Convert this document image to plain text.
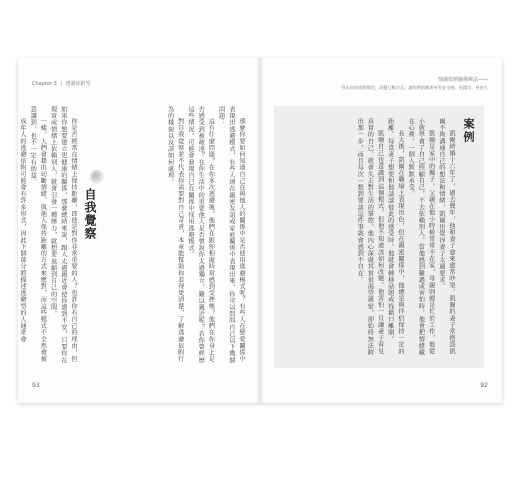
Chapter 3 | 逃避依附型

那麼你要如何知道自己在與他人的關係中是否使用逃避模式呢？有些人在戀愛關係中表現出逃避模式，有些人則在親密友誼或家庭關係中表現出來。你可以問問自己以下幾個問題：

這有什麼問題？在你多次逃避後，他們在跟你相處時常感到受挫嗎？他們在你身上是否感受到被疏遠？在你生活中的重要他人是否曾說你太過獨立、難以親近呢？若你曾經歷這些情況，可能會發現自己在關係中採用逃避模式。

對自我覺察並不代表你需要對自己苛責，本章能幫助你看得更清楚，了解逃避依附行為的樣貌以及該如何處理。

自我覺察

你是否經常在情緒上保持距離，即使是對你非常重要的人？也許你有自己的理由，但如果你想要建立更健康的關係，那麼總結來說，跟人太過親近會使你感到不安，只要你在現實或情緒上依賴別人，就會引發一種壓力，就想要退縮到自己的空間。

一樣，人們會藉由切斷情緒、與他人保持距離的方式來應對，而這些模式不全然會被意識到，也不一定有助益。

成年人的逃避依附可能會有許多形式，因此下個部分將描述逃避型的人通常會

93
情感依戀關係療法——
找出你的依附類型，改變互動方式，讓你們的關係更有安全感、更穩定、更持久
案例

凱爾結婚十六年了，過去幾年，他和妻子愈來愈常吵架。凱爾的妻子常抱怨凱爾不夠溝通自己的想法和情緒，凱爾也覺得妻子太過要求。

凱爾是家中的獨子，父親在他小時候常常不在家，母親則總是忙於工作。他從小就學會了自己照顧自己，不去依賴別人。當他感到難過或害怕時，他會把情緒藏在心裡，一個人默默承受。

長大後，凱爾在職場上表現出色，但在親密關係中，他總是與伴侶保持一定的距離。每當妻子想要和他談談彼此的感受時，他就會轉移話題或找藉口離開。

凱爾自己也意識到這個模式，但他不知道該如何改變。他害怕一旦讓妻子看見真實的自己，就會失去對生活的掌控。他內心深處其實很渴望親密，卻始終無法跨出那一步，而且每次一想到要談這件事就會感到不自在。

92
